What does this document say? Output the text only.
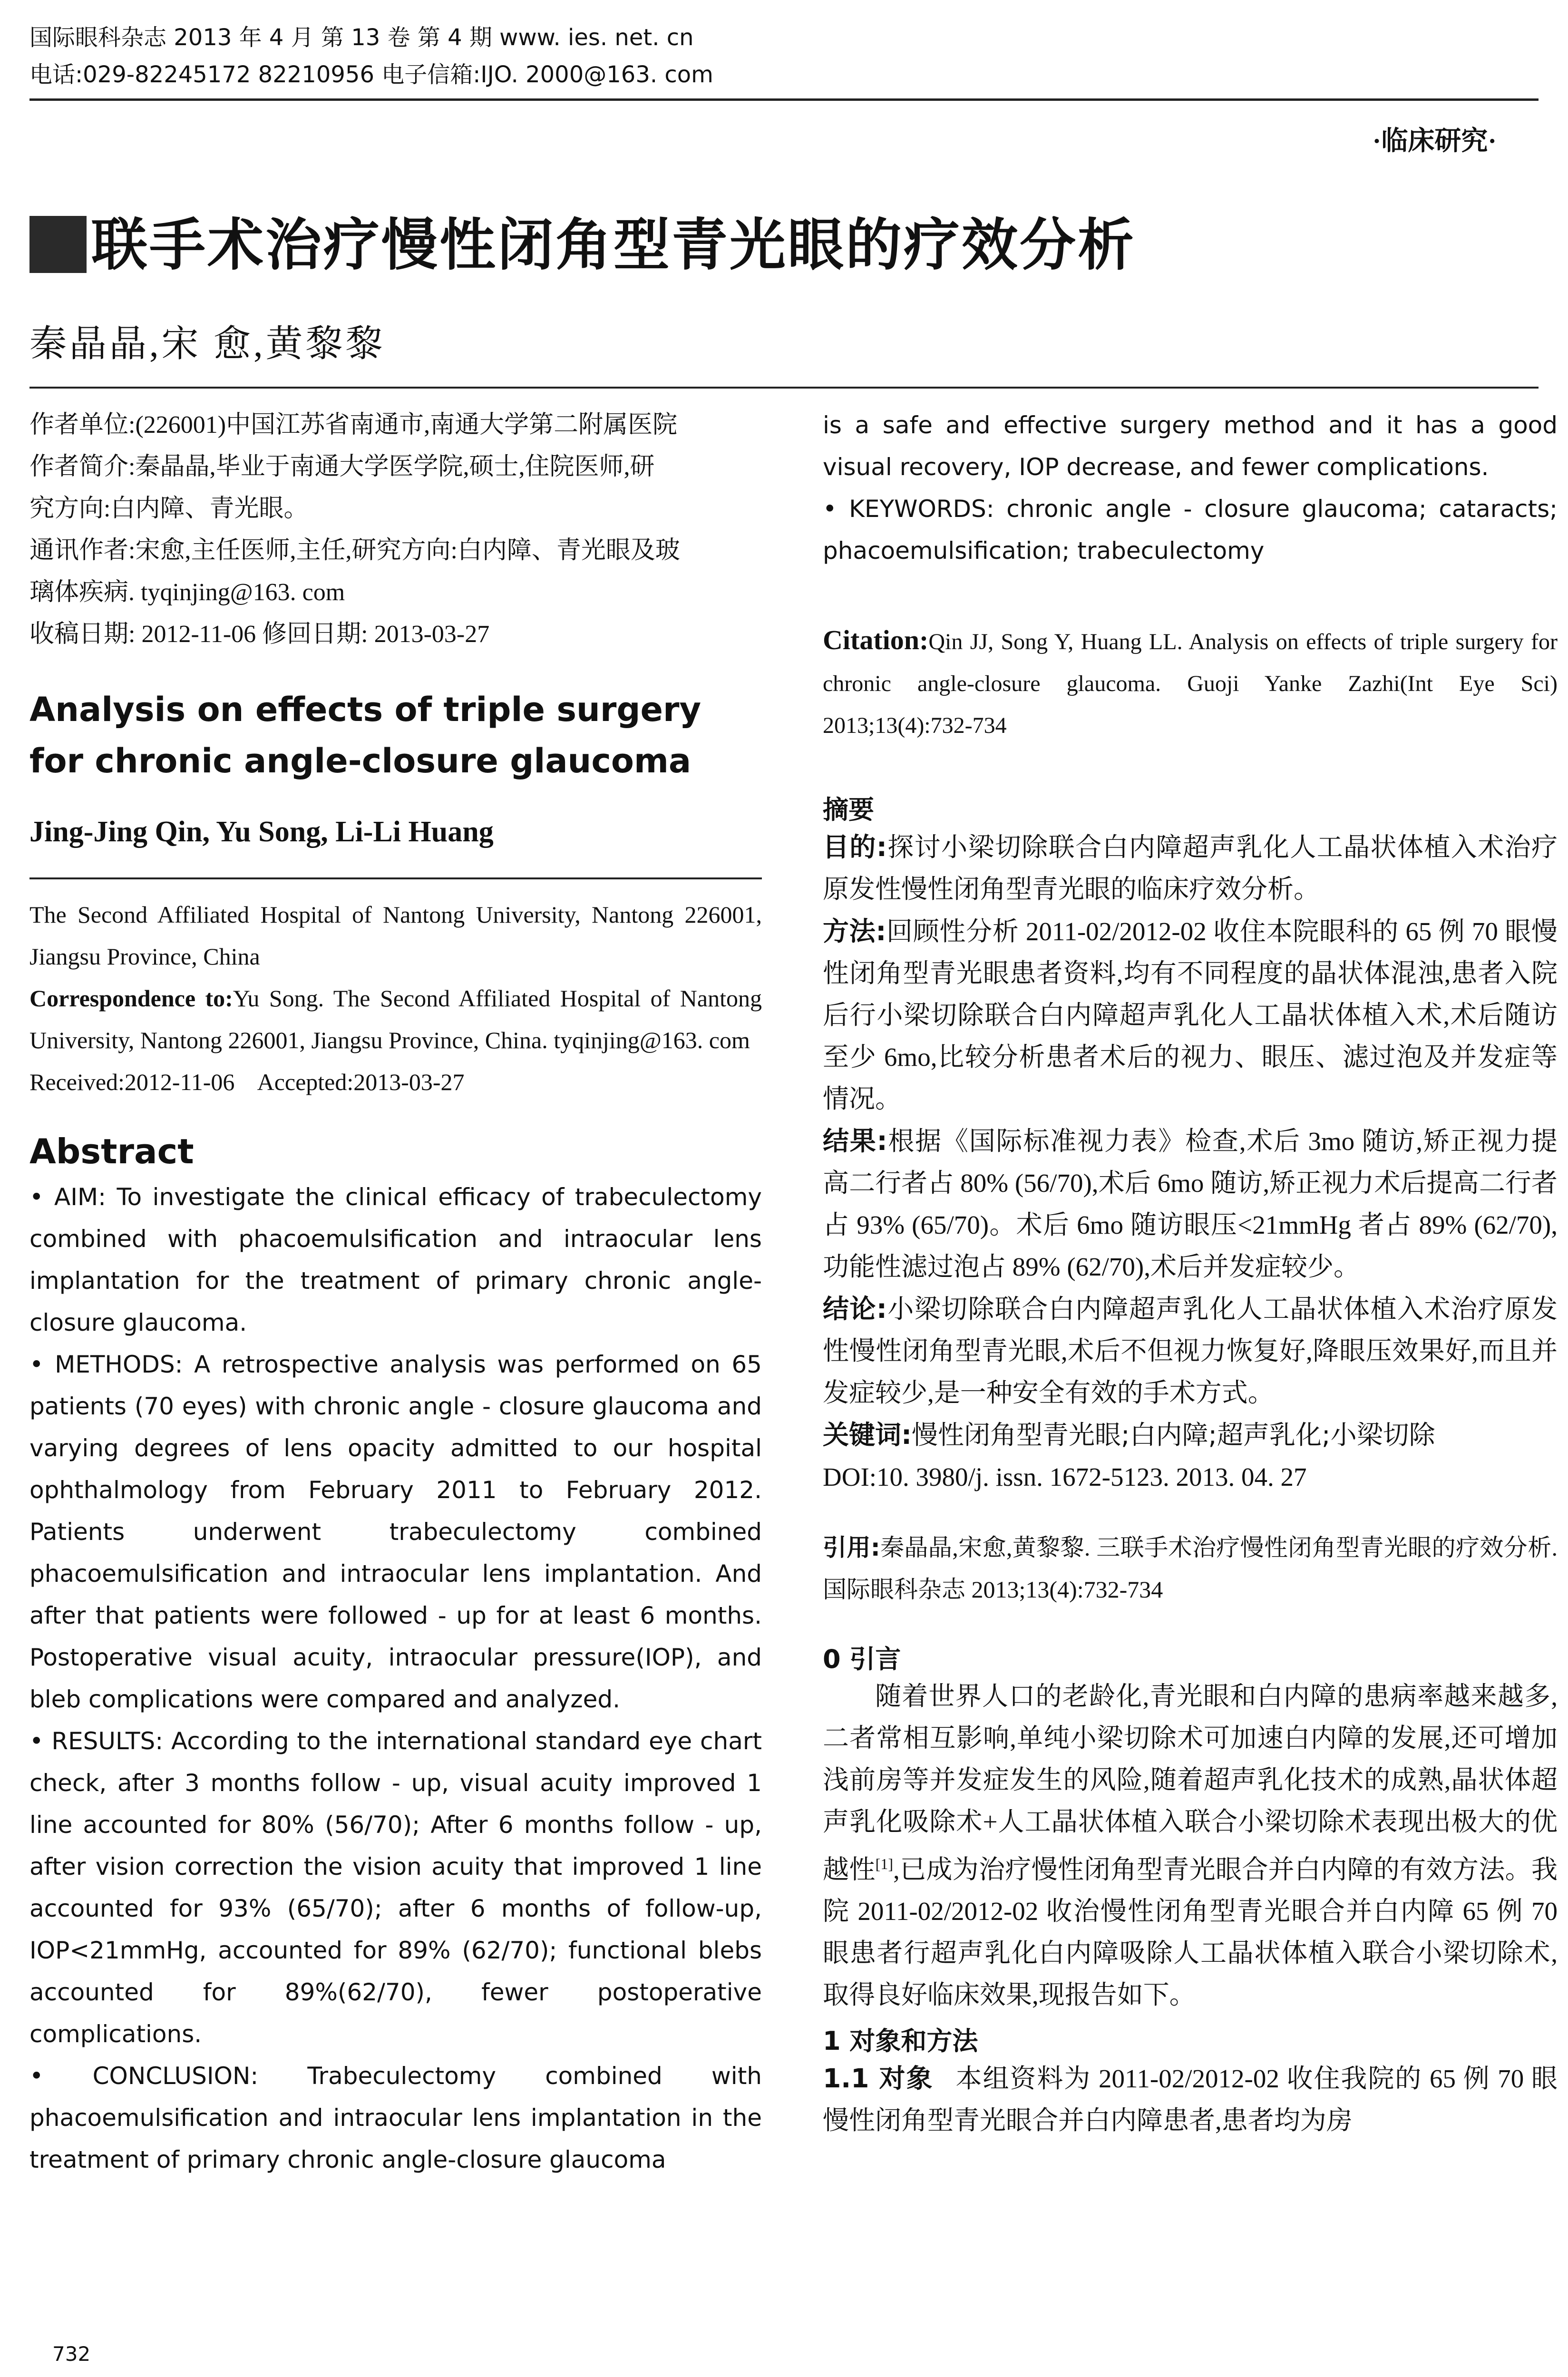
国际眼科杂志 2013 年 4 月 第 13 卷 第 4 期 www. ies. net. cn
电话:029-82245172 82210956 电子信箱:IJO. 2000@163. com
·临床研究·
联手术治疗慢性闭角型青光眼的疗效分析
秦晶晶,宋 愈,黄黎黎
作者单位:(226001)中国江苏省南通市,南通大学第二附属医院
作者简介:秦晶晶,毕业于南通大学医学院,硕士,住院医师,研
究方向:白内障、青光眼。
通讯作者:宋愈,主任医师,主任,研究方向:白内障、青光眼及玻
璃体疾病. tyqinjing@163. com
收稿日期: 2012-11-06 修回日期: 2013-03-27
Analysis on effects of triple surgery for chronic angle-closure glaucoma
Jing-Jing Qin, Yu Song, Li-Li Huang
The Second Affiliated Hospital of Nantong University, Nantong 226001, Jiangsu Province, China
Correspondence to:Yu Song. The Second Affiliated Hospital of Nantong University, Nantong 226001, Jiangsu Province, China. tyqinjing@163. com
Received:2012-11-06    Accepted:2013-03-27
Abstract

• AIM: To investigate the clinical efficacy of trabeculectomy combined with phacoemulsification and intraocular lens implantation for the treatment of primary chronic angle-closure glaucoma.

• METHODS: A retrospective analysis was performed on 65 patients (70 eyes) with chronic angle - closure glaucoma and varying degrees of lens opacity admitted to our hospital ophthalmology from February 2011 to February 2012. Patients underwent trabeculectomy combined phacoemulsification and intraocular lens implantation. And after that patients were followed - up for at least 6 months. Postoperative visual acuity, intraocular pressure(IOP), and bleb complications were compared and analyzed.

• RESULTS: According to the international standard eye chart check, after 3 months follow - up, visual acuity improved 1 line accounted for 80% (56/70); After 6 months follow - up, after vision correction the vision acuity that improved 1 line accounted for 93% (65/70); after 6 months of follow-up, IOP<21mmHg, accounted for 89% (62/70); functional blebs accounted for 89%(62/70), fewer postoperative complications.

• CONCLUSION: Trabeculectomy combined with phacoemulsification and intraocular lens implantation in the treatment of primary chronic angle-closure glaucoma

is a safe and effective surgery method and it has a good visual recovery, IOP decrease, and fewer complications.

• KEYWORDS: chronic angle - closure glaucoma; cataracts; phacoemulsification; trabeculectomy

Citation:Qin JJ, Song Y, Huang LL. Analysis on effects of triple surgery for chronic angle-closure glaucoma. Guoji Yanke Zazhi(Int Eye Sci) 2013;13(4):732-734
摘要

目的:探讨小梁切除联合白内障超声乳化人工晶状体植入术治疗原发性慢性闭角型青光眼的临床疗效分析。

方法:回顾性分析 2011-02/2012-02 收住本院眼科的 65 例 70 眼慢性闭角型青光眼患者资料,均有不同程度的晶状体混浊,患者入院后行小梁切除联合白内障超声乳化人工晶状体植入术,术后随访至少 6mo,比较分析患者术后的视力、眼压、滤过泡及并发症等情况。

结果:根据《国际标准视力表》检查,术后 3mo 随访,矫正视力提高二行者占 80% (56/70),术后 6mo 随访,矫正视力术后提高二行者占 93% (65/70)。术后 6mo 随访眼压<21mmHg 者占 89% (62/70),功能性滤过泡占 89% (62/70),术后并发症较少。

结论:小梁切除联合白内障超声乳化人工晶状体植入术治疗原发性慢性闭角型青光眼,术后不但视力恢复好,降眼压效果好,而且并发症较少,是一种安全有效的手术方式。

关键词:慢性闭角型青光眼;白内障;超声乳化;小梁切除

DOI:10. 3980/j. issn. 1672-5123. 2013. 04. 27

引用:秦晶晶,宋愈,黄黎黎. 三联手术治疗慢性闭角型青光眼的疗效分析. 国际眼科杂志 2013;13(4):732-734
0 引言
随着世界人口的老龄化,青光眼和白内障的患病率越来越多,二者常相互影响,单纯小梁切除术可加速白内障的发展,还可增加浅前房等并发症发生的风险,随着超声乳化技术的成熟,晶状体超声乳化吸除术+人工晶状体植入联合小梁切除术表现出极大的优越性[1],已成为治疗慢性闭角型青光眼合并白内障的有效方法。我院 2011-02/2012-02 收治慢性闭角型青光眼合并白内障 65 例 70 眼患者行超声乳化白内障吸除人工晶状体植入联合小梁切除术,取得良好临床效果,现报告如下。
1 对象和方法
1.1 对象 本组资料为 2011-02/2012-02 收住我院的 65 例 70 眼慢性闭角型青光眼合并白内障患者,患者均为房
732
